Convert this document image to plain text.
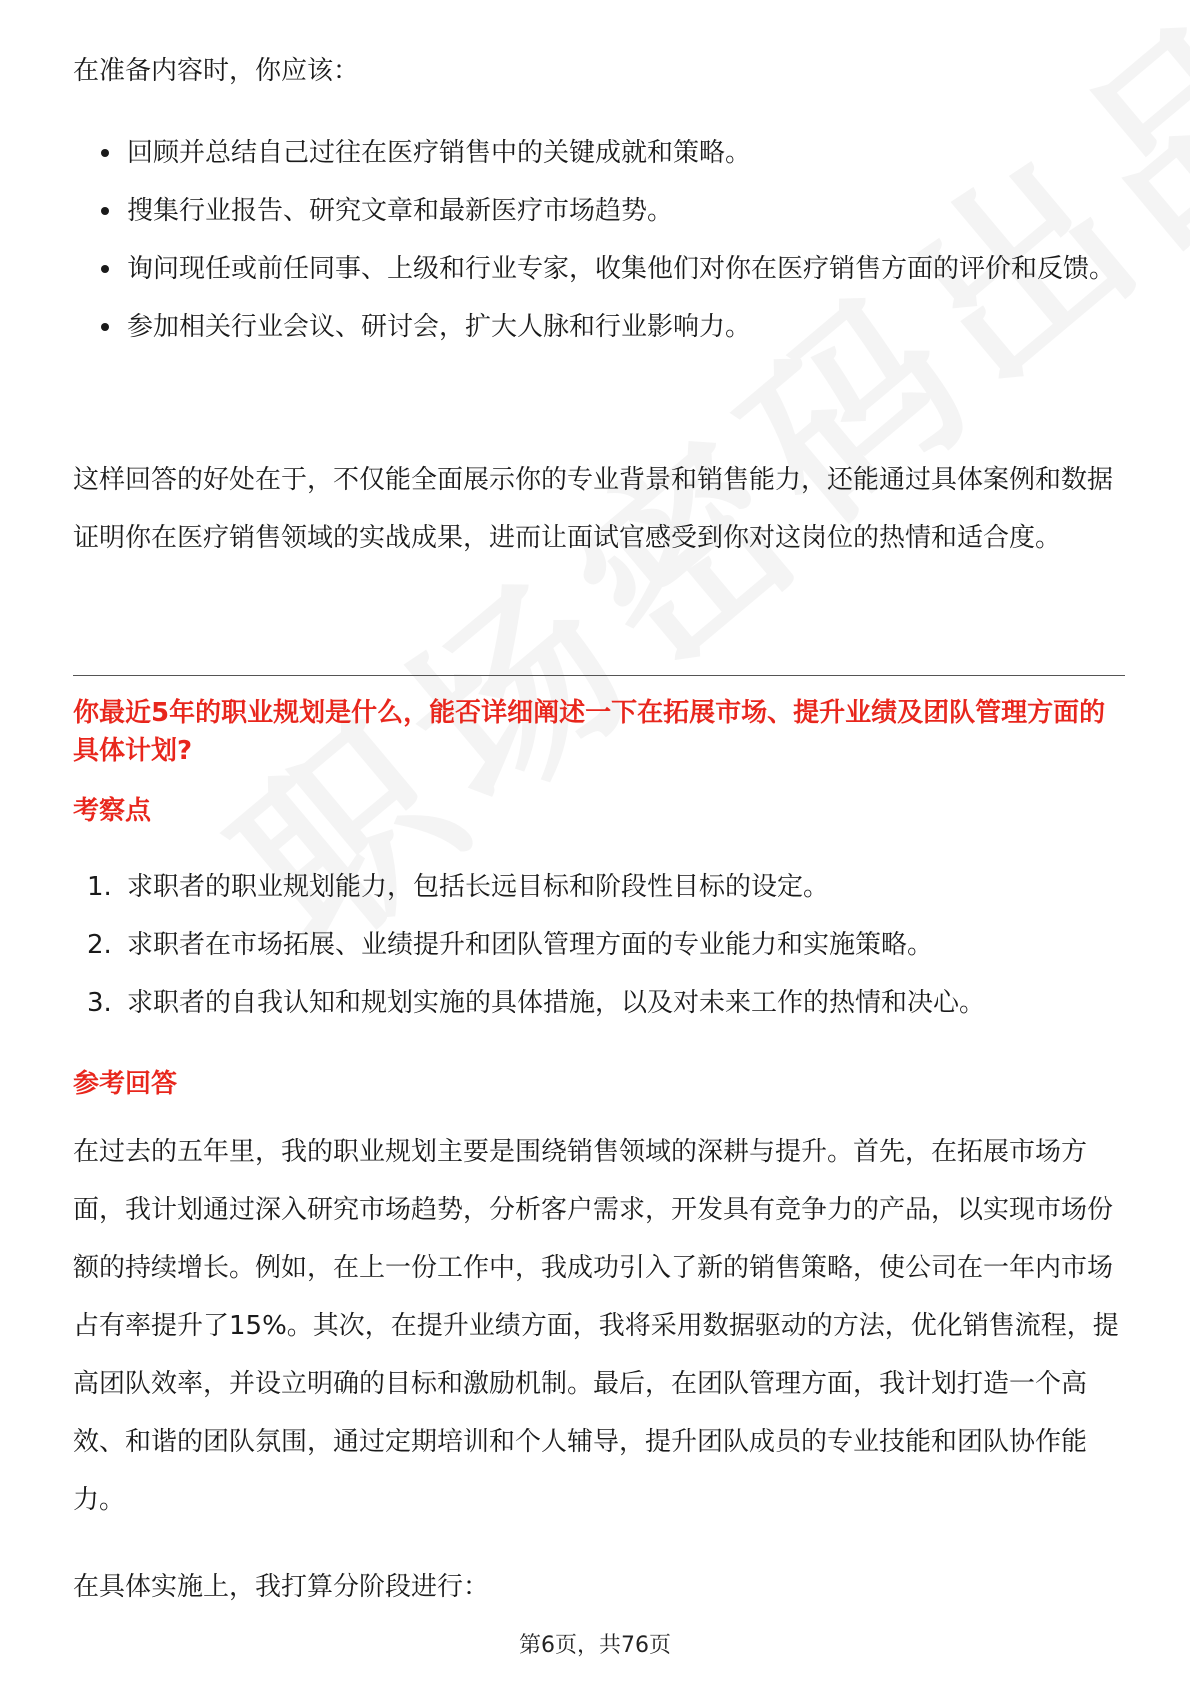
在准备内容时，你应该：

回顾并总结自己过往在医疗销售中的关键成就和策略。
搜集行业报告、研究文章和最新医疗市场趋势。
询问现任或前任同事、上级和行业专家，收集他们对你在医疗销售方面的评价和反馈。
参加相关行业会议、研讨会，扩大人脉和行业影响力。

这样回答的好处在于，不仅能全面展示你的专业背景和销售能力，还能通过具体案例和数据证明你在医疗销售领域的实战成果，进而让面试官感受到你对这岗位的热情和适合度。

你最近5年的职业规划是什么，能否详细阐述一下在拓展市场、提升业绩及团队管理方面的具体计划?

考察点

1. 求职者的职业规划能力，包括长远目标和阶段性目标的设定。
2. 求职者在市场拓展、业绩提升和团队管理方面的专业能力和实施策略。
3. 求职者的自我认知和规划实施的具体措施，以及对未来工作的热情和决心。

参考回答

在过去的五年里，我的职业规划主要是围绕销售领域的深耕与提升。首先，在拓展市场方面，我计划通过深入研究市场趋势，分析客户需求，开发具有竞争力的产品，以实现市场份额的持续增长。例如，在上一份工作中，我成功引入了新的销售策略，使公司在一年内市场占有率提升了15%。其次，在提升业绩方面，我将采用数据驱动的方法，优化销售流程，提高团队效率，并设立明确的目标和激励机制。最后，在团队管理方面，我计划打造一个高效、和谐的团队氛围，通过定期培训和个人辅导，提升团队成员的专业技能和团队协作能力。

在具体实施上，我打算分阶段进行：

第6页，共76页
